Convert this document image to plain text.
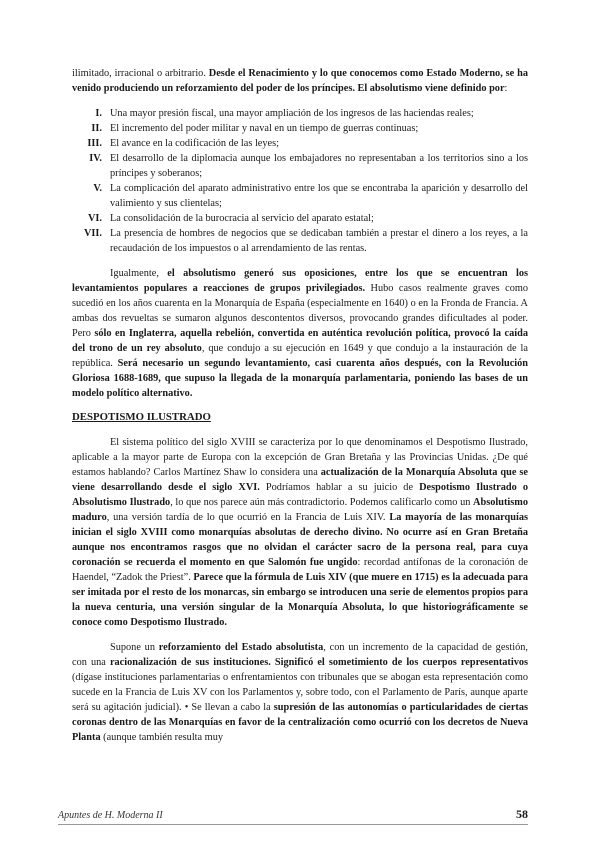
ilimitado, irracional o arbitrario. Desde el Renacimiento y lo que conocemos como Estado Moderno, se ha venido produciendo un reforzamiento del poder de los príncipes. El absolutismo viene definido por:

I. Una mayor presión fiscal, una mayor ampliación de los ingresos de las haciendas reales;
II. El incremento del poder militar y naval en un tiempo de guerras continuas;
III. El avance en la codificación de las leyes;
IV. El desarrollo de la diplomacia aunque los embajadores no representaban a los territorios sino a los príncipes y soberanos;
V. La complicación del aparato administrativo entre los que se encontraba la aparición y desarrollo del valimiento y sus clientelas;
VI. La consolidación de la burocracia al servicio del aparato estatal;
VII. La presencia de hombres de negocios que se dedicaban también a prestar el dinero a los reyes, a la recaudación de los impuestos o al arrendamiento de las rentas.

Igualmente, el absolutismo generó sus oposiciones, entre los que se encuentran los levantamientos populares a reacciones de grupos privilegiados. Hubo casos realmente graves como sucedió en los años cuarenta en la Monarquía de España (especialmente en 1640) o en la Fronda de Francia. A ambas dos revueltas se sumaron algunos descontentos diversos, provocando grandes dificultades al poder. Pero sólo en Inglaterra, aquella rebelión, convertida en auténtica revolución política, provocó la caída del trono de un rey absoluto, que condujo a su ejecución en 1649 y que condujo a la instauración de la república. Será necesario un segundo levantamiento, casi cuarenta años después, con la Revolución Gloriosa 1688-1689, que supuso la llegada de la monarquía parlamentaria, poniendo las bases de un modelo político alternativo.

DESPOTISMO ILUSTRADO

El sistema político del siglo XVIII se caracteriza por lo que denominamos el Despotismo Ilustrado, aplicable a la mayor parte de Europa con la excepción de Gran Bretaña y las Provincias Unidas. ¿De qué estamos hablando? Carlos Martínez Shaw lo considera una actualización de la Monarquía Absoluta que se viene desarrollando desde el siglo XVI. Podríamos hablar a su juicio de Despotismo Ilustrado o Absolutismo Ilustrado, lo que nos parece aún más contradictorio. Podemos calificarlo como un Absolutismo maduro, una versión tardía de lo que ocurrió en la Francia de Luis XIV. La mayoría de las monarquías inician el siglo XVIII como monarquías absolutas de derecho divino. No ocurre así en Gran Bretaña aunque nos encontramos rasgos que no olvidan el carácter sacro de la persona real, para cuya coronación se recuerda el momento en que Salomón fue ungido: recordad antífonas de la coronación de Haendel, “Zadok the Priest”. Parece que la fórmula de Luis XIV (que muere en 1715) es la adecuada para ser imitada por el resto de los monarcas, sin embargo se introducen una serie de elementos propios para la nueva centuria, una versión singular de la Monarquía Absoluta, lo que historiográficamente se conoce como Despotismo Ilustrado.

Supone un reforzamiento del Estado absolutista, con un incremento de la capacidad de gestión, con una racionalización de sus instituciones. Significó el sometimiento de los cuerpos representativos (dígase instituciones parlamentarias o enfrentamientos con tribunales que se abogan esta representación como sucede en la Francia de Luis XV con los Parlamentos y, sobre todo, con el Parlamento de París, aunque aparte será su agitación judicial). • Se llevan a cabo la supresión de las autonomías o particularidades de ciertas coronas dentro de las Monarquías en favor de la centralización como ocurrió con los decretos de Nueva Planta (aunque también resulta muy

Apuntes de H. Moderna II	58
